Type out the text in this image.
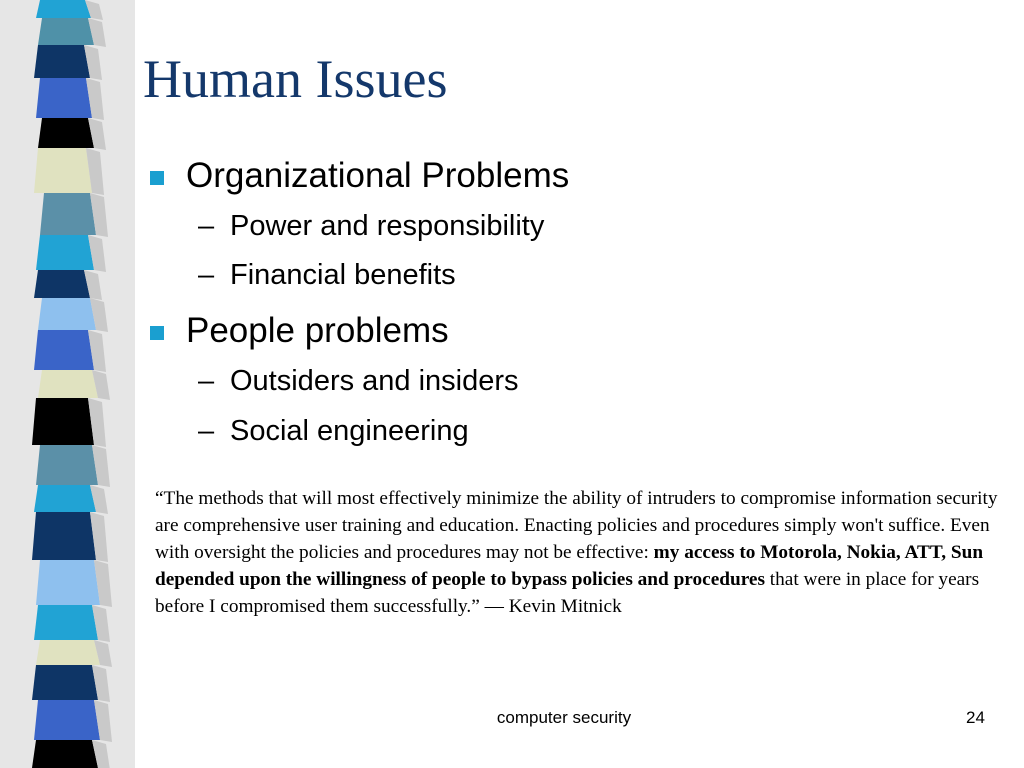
Human Issues
Organizational Problems
– Power and responsibility
– Financial benefits
People problems
– Outsiders and insiders
– Social engineering
“The methods that will most effectively minimize the ability of intruders to compromise information security are comprehensive user training and education. Enacting policies and procedures simply won't suffice. Even with oversight the policies and procedures may not be effective: my access to Motorola, Nokia, ATT, Sun depended upon the willingness of people to bypass policies and procedures that were in place for years before I compromised them successfully.” — Kevin Mitnick
computer security	24
